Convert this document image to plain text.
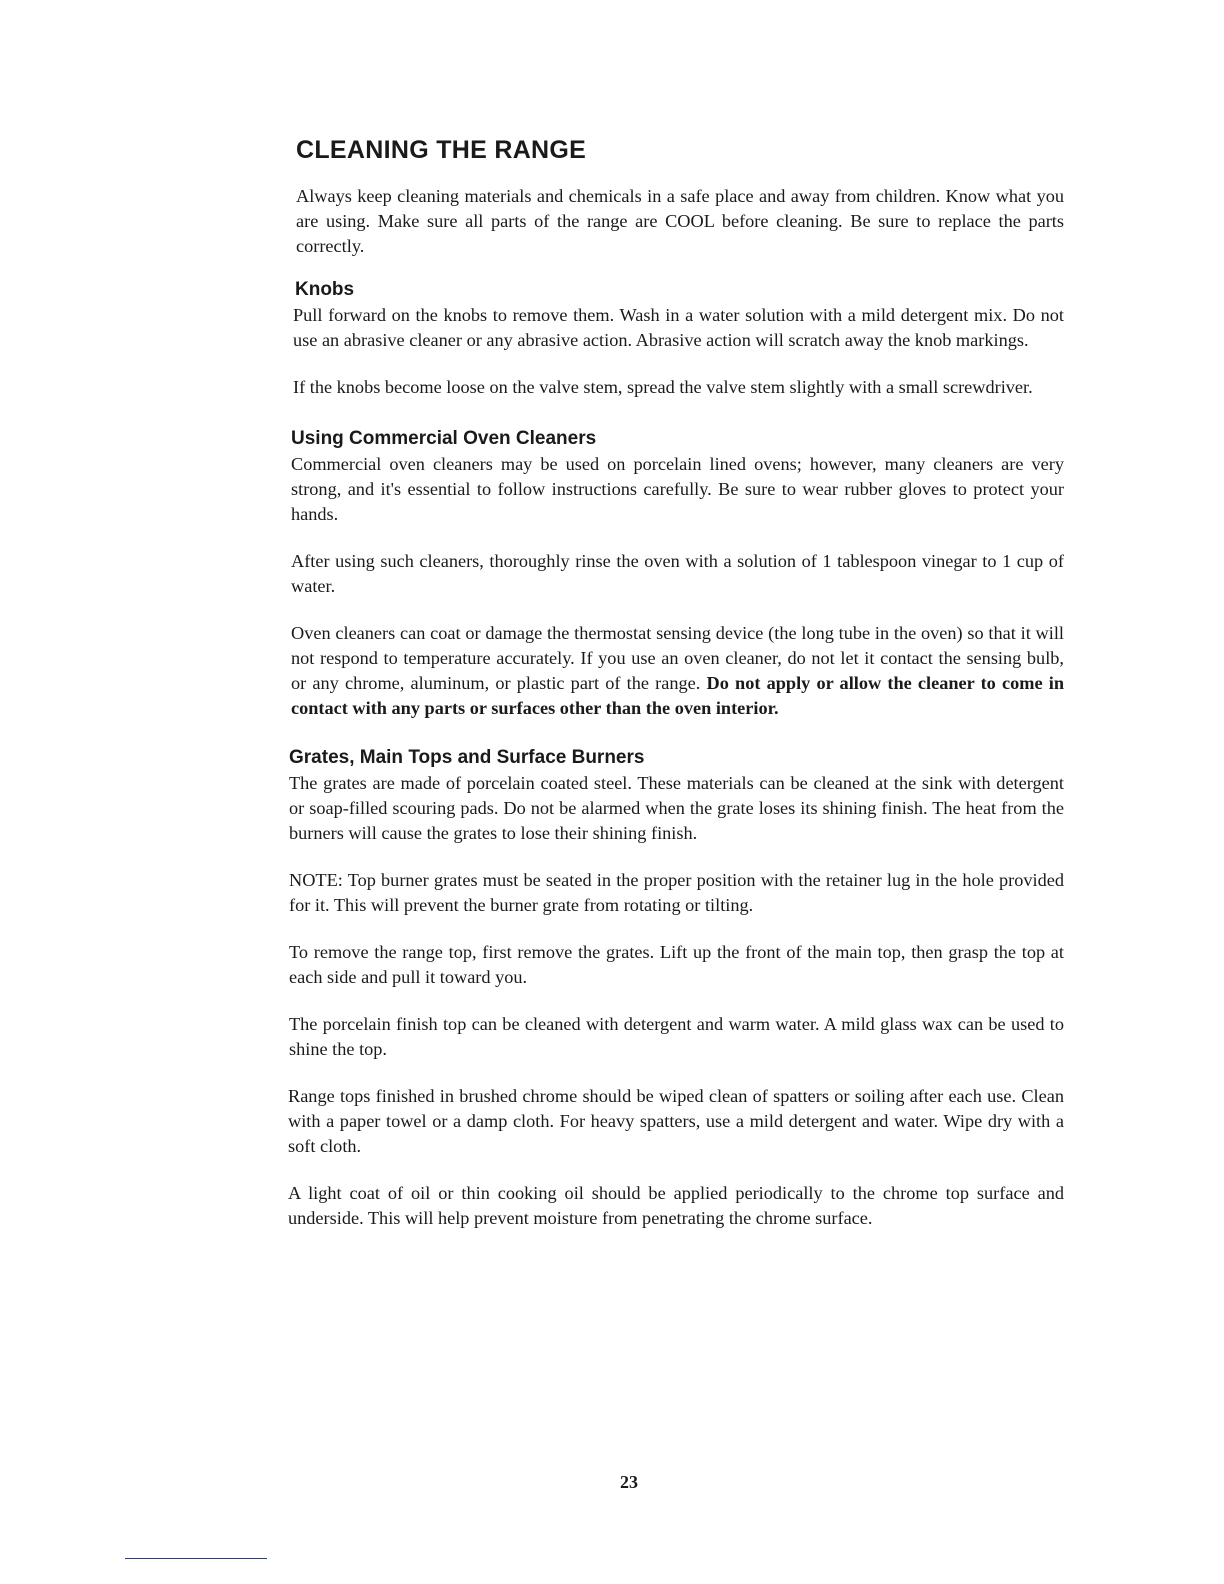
CLEANING THE RANGE

Always keep cleaning materials and chemicals in a safe place and away from children. Know what you are using. Make sure all parts of the range are COOL before cleaning. Be sure to replace the parts correctly.

Knobs

Pull forward on the knobs to remove them. Wash in a water solution with a mild detergent mix. Do not use an abrasive cleaner or any abrasive action. Abrasive action will scratch away the knob markings.

If the knobs become loose on the valve stem, spread the valve stem slightly with a small screwdriver.

Using Commercial Oven Cleaners

Commercial oven cleaners may be used on porcelain lined ovens; however, many cleaners are very strong, and it's essential to follow instructions carefully. Be sure to wear rubber gloves to protect your hands.

After using such cleaners, thoroughly rinse the oven with a solution of 1 tablespoon vinegar to 1 cup of water.

Oven cleaners can coat or damage the thermostat sensing device (the long tube in the oven) so that it will not respond to temperature accurately. If you use an oven cleaner, do not let it contact the sensing bulb, or any chrome, aluminum, or plastic part of the range. Do not apply or allow the cleaner to come in contact with any parts or surfaces other than the oven interior.

Grates, Main Tops and Surface Burners

The grates are made of porcelain coated steel. These materials can be cleaned at the sink with detergent or soap-filled scouring pads. Do not be alarmed when the grate loses its shining finish. The heat from the burners will cause the grates to lose their shining finish.

NOTE: Top burner grates must be seated in the proper position with the retainer lug in the hole provided for it. This will prevent the burner grate from rotating or tilting.

To remove the range top, first remove the grates. Lift up the front of the main top, then grasp the top at each side and pull it toward you.

The porcelain finish top can be cleaned with detergent and warm water. A mild glass wax can be used to shine the top.

Range tops finished in brushed chrome should be wiped clean of spatters or soiling after each use. Clean with a paper towel or a damp cloth. For heavy spatters, use a mild detergent and water. Wipe dry with a soft cloth.

A light coat of oil or thin cooking oil should be applied periodically to the chrome top surface and underside. This will help prevent moisture from penetrating the chrome surface.

23
